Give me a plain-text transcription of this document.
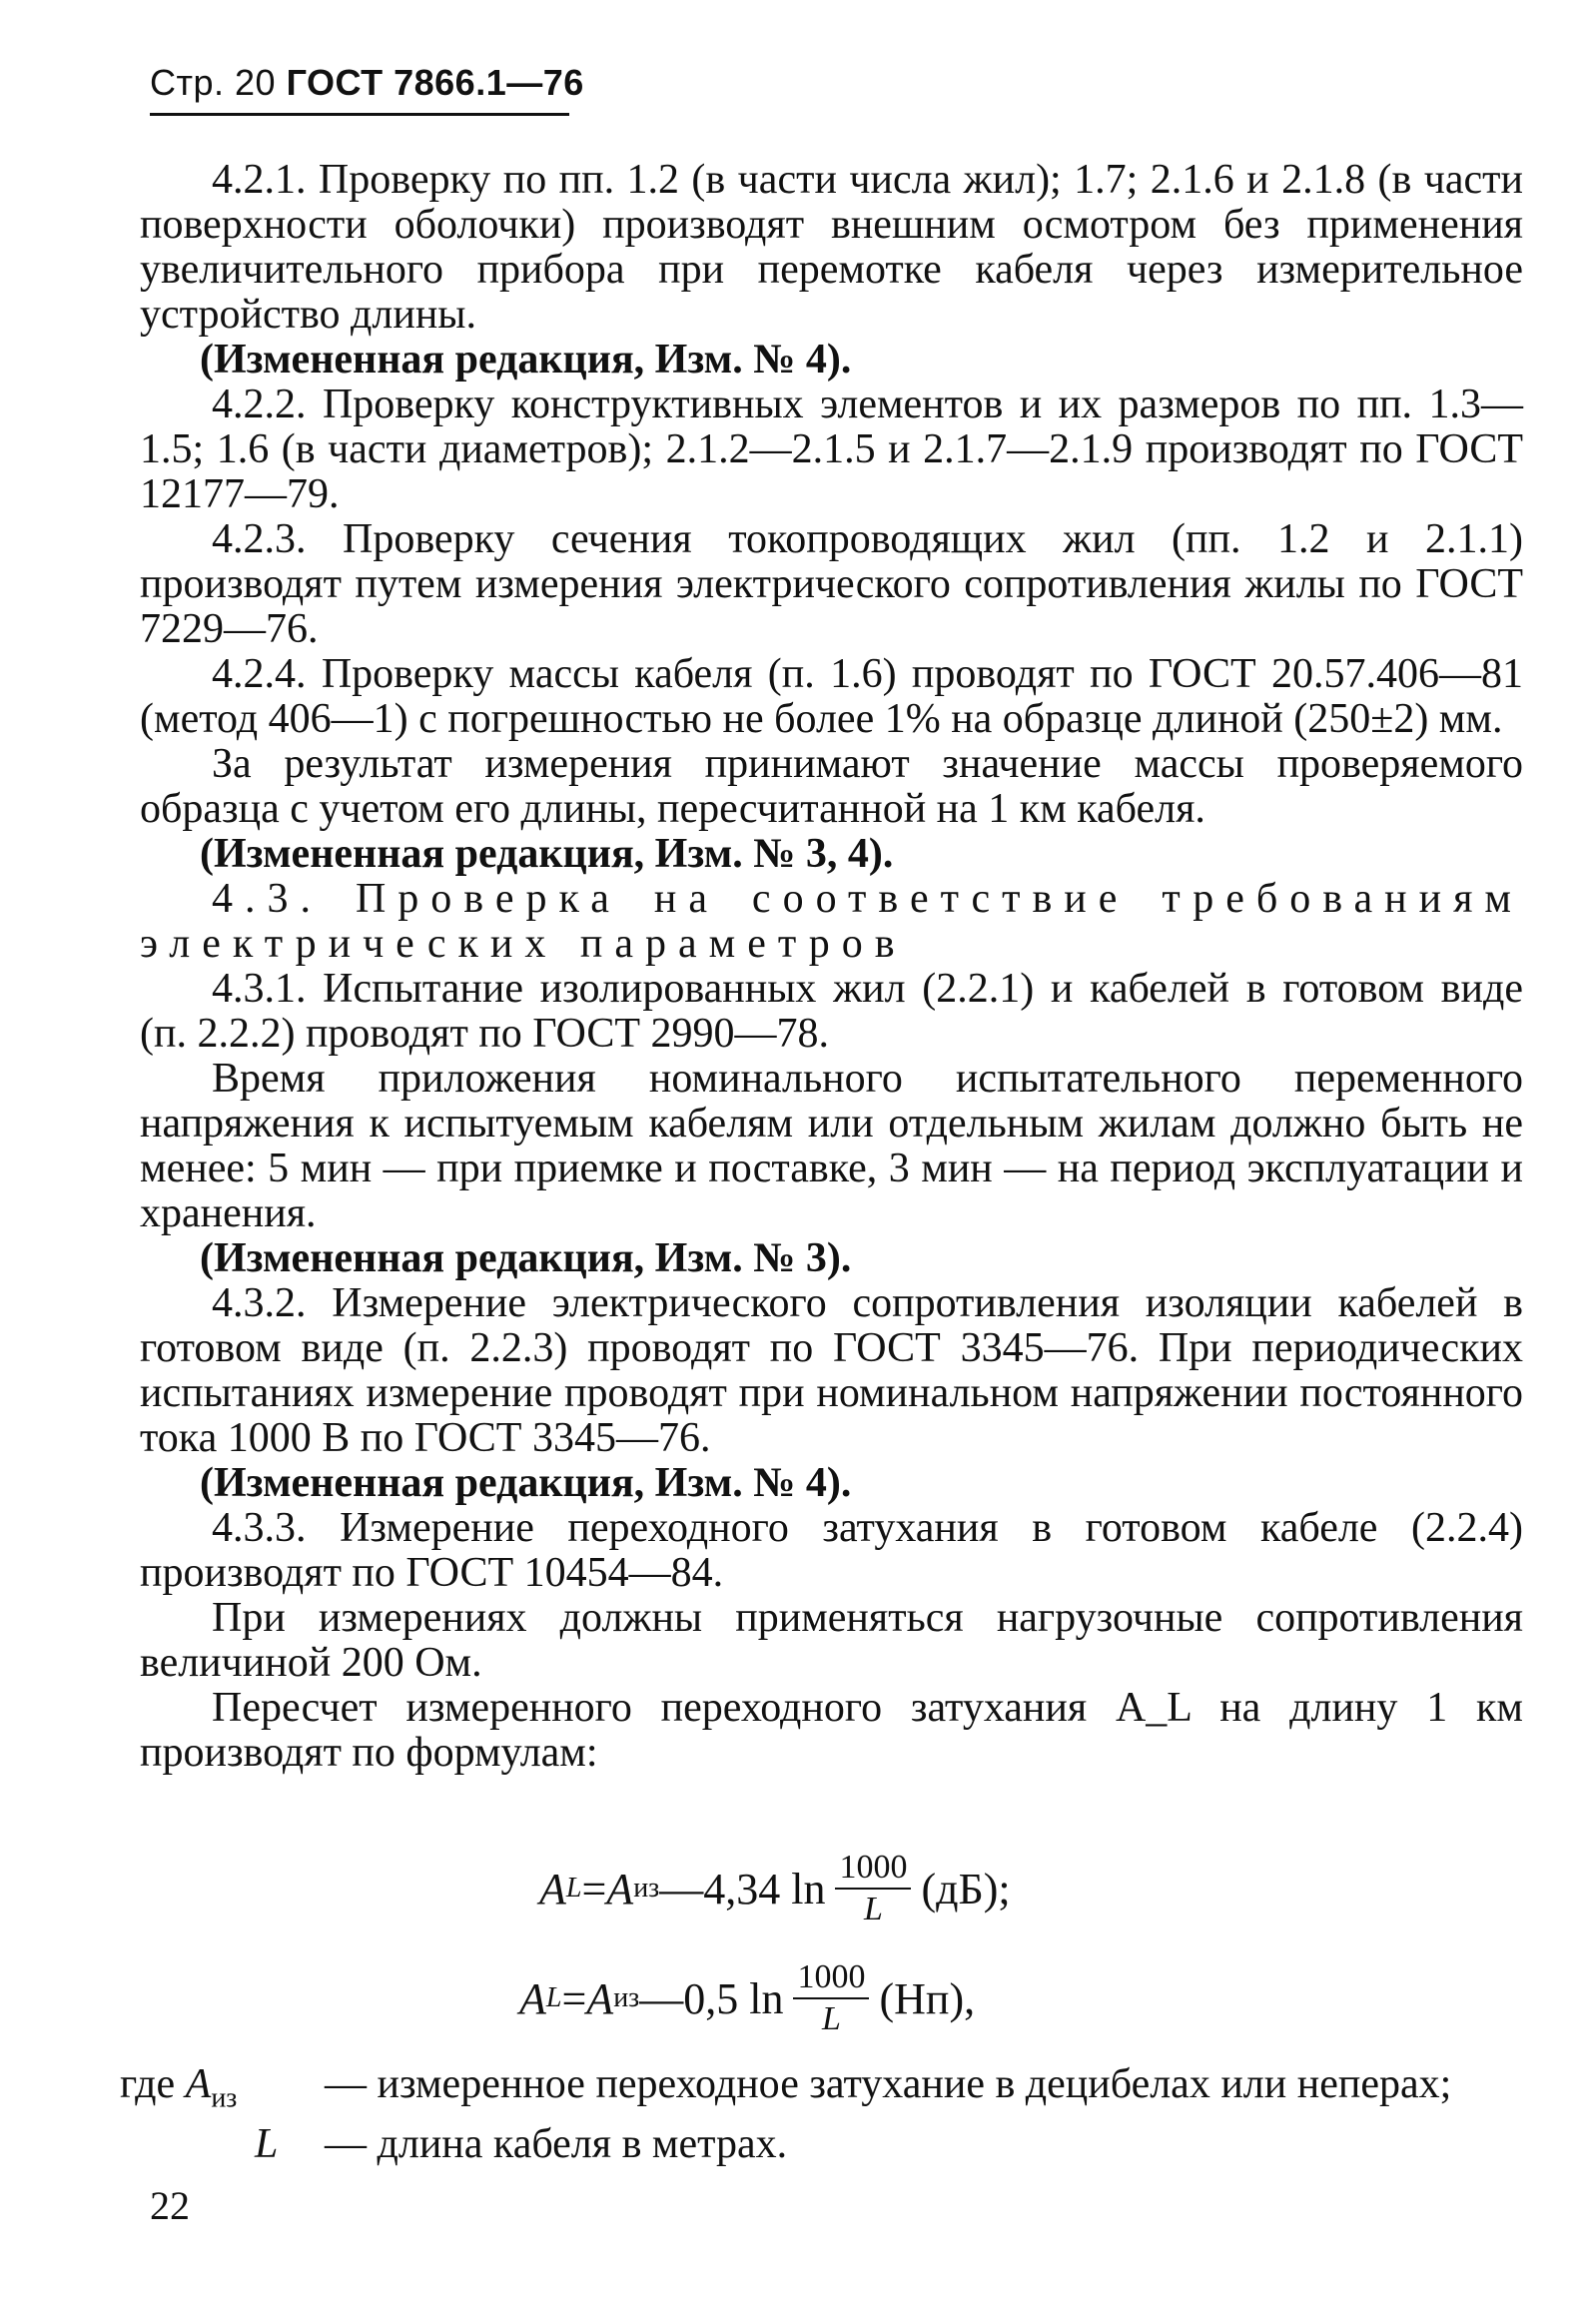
Стр. 20 ГОСТ 7866.1—76

4.2.1. Проверку по пп. 1.2 (в части числа жил); 1.7; 2.1.6 и 2.1.8 (в части поверхности оболочки) производят внешним осмотром без применения увеличительного прибора при перемотке кабеля через измерительное устройство длины.

(Измененная редакция, Изм. № 4).

4.2.2. Проверку конструктивных элементов и их размеров по пп. 1.3—1.5; 1.6 (в части диаметров); 2.1.2—2.1.5 и 2.1.7—2.1.9 производят по ГОСТ 12177—79.

4.2.3. Проверку сечения токопроводящих жил (пп. 1.2 и 2.1.1) производят путем измерения электрического сопротивления жилы по ГОСТ 7229—76.

4.2.4. Проверку массы кабеля (п. 1.6) проводят по ГОСТ 20.57.406—81 (метод 406—1) с погрешностью не более 1% на образце длиной (250±2) мм.

За результат измерения принимают значение массы проверяемого образца с учетом его длины, пересчитанной на 1 км кабеля.

(Измененная редакция, Изм. № 3, 4).

4.3. Проверка на соответствие требованиям электрических параметров

4.3.1. Испытание изолированных жил (2.2.1) и кабелей в готовом виде (п. 2.2.2) проводят по ГОСТ 2990—78.

Время приложения номинального испытательного переменного напряжения к испытуемым кабелям или отдельным жилам должно быть не менее: 5 мин — при приемке и поставке, 3 мин — на период эксплуатации и хранения.

(Измененная редакция, Изм. № 3).

4.3.2. Измерение электрического сопротивления изоляции кабелей в готовом виде (п. 2.2.3) проводят по ГОСТ 3345—76. При периодических испытаниях измерение проводят при номинальном напряжении постоянного тока 1000 В по ГОСТ 3345—76.

(Измененная редакция, Изм. № 4).

4.3.3. Измерение переходного затухания в готовом кабеле (2.2.4) производят по ГОСТ 10454—84.

При измерениях должны применяться нагрузочные сопротивления величиной 200 Ом.

Пересчет измеренного переходного затухания A_L на длину 1 км производят по формулам:

A L = A из —4,34 $\ln \frac{1000}{L} (дБ)$;
A L = A из —0,5 $\ln \frac{1000}{L} (Нп)$,
где $A_{из}$	— измеренное переходное затухание в децибелах или неперах;
L	— длина кабеля в метрах.
22
